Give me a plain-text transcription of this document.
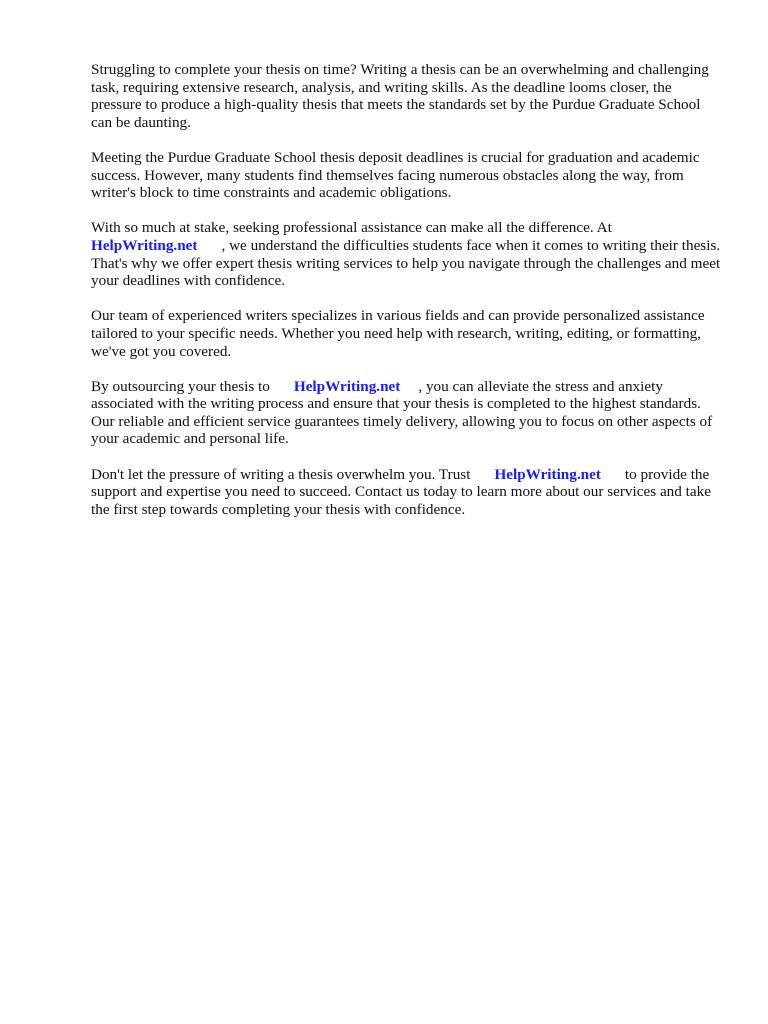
Struggling to complete your thesis on time? Writing a thesis can be an overwhelming and challenging task, requiring extensive research, analysis, and writing skills. As the deadline looms closer, the pressure to produce a high-quality thesis that meets the standards set by the Purdue Graduate School can be daunting.

Meeting the Purdue Graduate School thesis deposit deadlines is crucial for graduation and academic success. However, many students find themselves facing numerous obstacles along the way, from writer's block to time constraints and academic obligations.

With so much at stake, seeking professional assistance can make all the difference. At
HelpWriting.net , we understand the difficulties students face when it comes to writing their thesis. That's why we offer expert thesis writing services to help you navigate through the challenges and meet your deadlines with confidence.

Our team of experienced writers specializes in various fields and can provide personalized assistance tailored to your specific needs. Whether you need help with research, writing, editing, or formatting, we've got you covered.

By outsourcing your thesis to HelpWriting.net , you can alleviate the stress and anxiety associated with the writing process and ensure that your thesis is completed to the highest standards. Our reliable and efficient service guarantees timely delivery, allowing you to focus on other aspects of your academic and personal life.

Don't let the pressure of writing a thesis overwhelm you. Trust HelpWriting.net to provide the support and expertise you need to succeed. Contact us today to learn more about our services and take the first step towards completing your thesis with confidence.
